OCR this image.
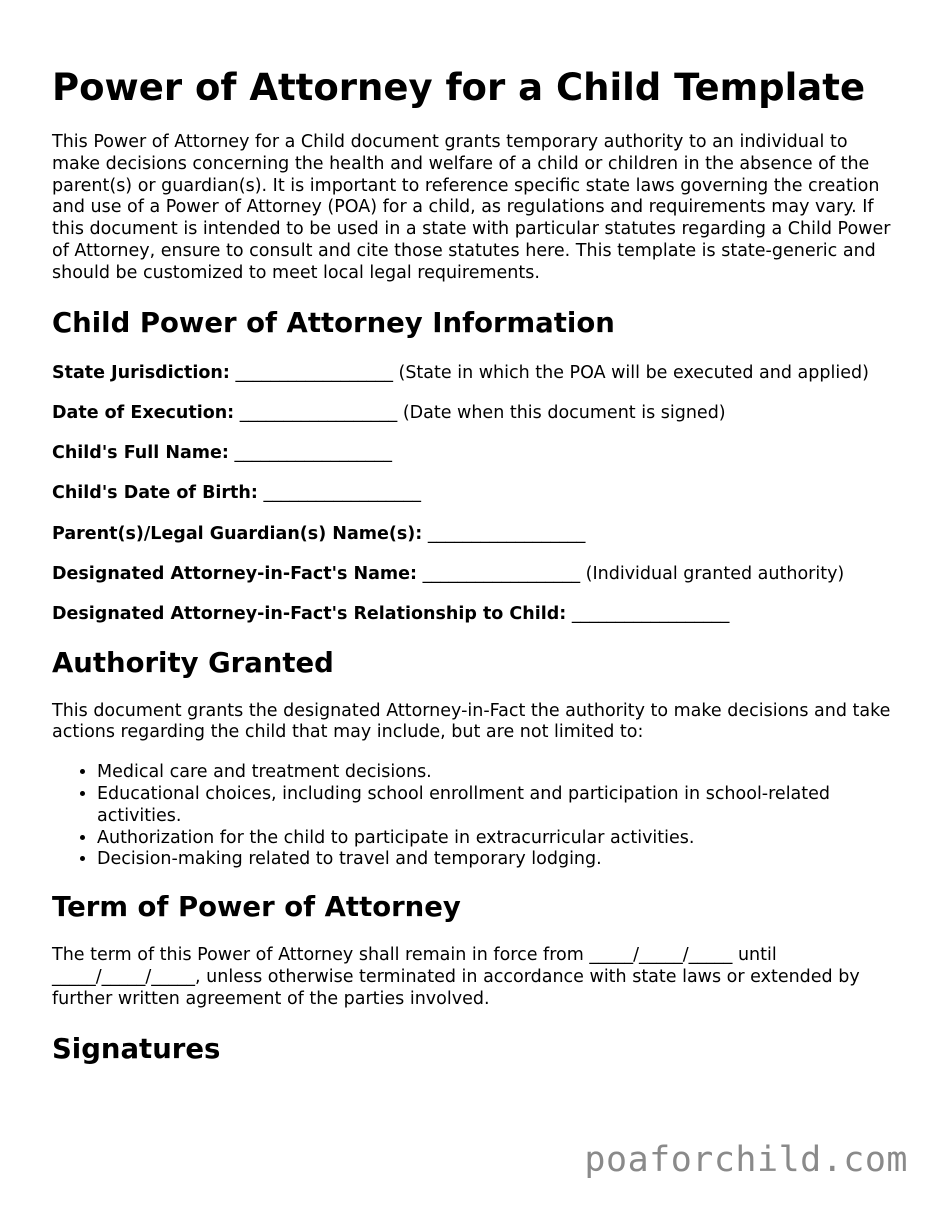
Power of Attorney for a Child Template

This Power of Attorney for a Child document grants temporary authority to an individual to make decisions concerning the health and welfare of a child or children in the absence of the parent(s) or guardian(s). It is important to reference specific state laws governing the creation and use of a Power of Attorney (POA) for a child, as regulations and requirements may vary. If this document is intended to be used in a state with particular statutes regarding a Child Power of Attorney, ensure to consult and cite those statutes here. This template is state-generic and should be customized to meet local legal requirements.

Child Power of Attorney Information

State Jurisdiction: __________________ (State in which the POA will be executed and applied)

Date of Execution: __________________ (Date when this document is signed)

Child's Full Name: __________________

Child's Date of Birth: __________________

Parent(s)/Legal Guardian(s) Name(s): __________________

Designated Attorney-in-Fact's Name: __________________ (Individual granted authority)

Designated Attorney-in-Fact's Relationship to Child: __________________

Authority Granted

This document grants the designated Attorney-in-Fact the authority to make decisions and take actions regarding the child that may include, but are not limited to:

• Medical care and treatment decisions.
• Educational choices, including school enrollment and participation in school-related activities.
• Authorization for the child to participate in extracurricular activities.
• Decision-making related to travel and temporary lodging.
Term of Power of Attorney

The term of this Power of Attorney shall remain in force from _____/_____/_____ until _____/_____/_____, unless otherwise terminated in accordance with state laws or extended by further written agreement of the parties involved.

Signatures
poaforchild.com
